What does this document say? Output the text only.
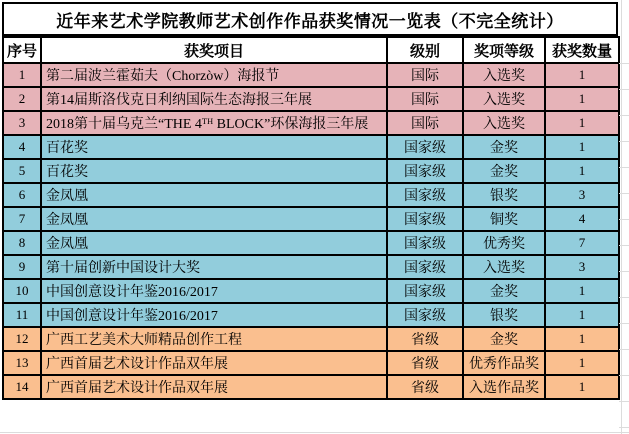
近年来艺术学院教师艺术创作作品获奖情况一览表（不完全统计）
序号	获奖项目	级别	奖项等级	获奖数量
1	第二届波兰霍茹夫（Chorzòw）海报节	国际	入选奖	1
2	第14届斯洛伐克日利纳国际生态海报三年展	国际	入选奖	1
3	2018第十届乌克兰“THE 4ᵀᴴ BLOCK”环保海报三年展	国际	入选奖	1
4	百花奖	国家级	金奖	1
5	百花奖	国家级	金奖	1
6	金凤凰	国家级	银奖	3
7	金凤凰	国家级	铜奖	4
8	金凤凰	国家级	优秀奖	7
9	第十届创新中国设计大奖	国家级	入选奖	3
10	中国创意设计年鉴2016/2017	国家级	金奖	1
11	中国创意设计年鉴2016/2017	国家级	银奖	1
12	广西工艺美术大师精品创作工程	省级	金奖	1
13	广西首届艺术设计作品双年展	省级	优秀作品奖	1
14	广西首届艺术设计作品双年展	省级	入选作品奖	1
